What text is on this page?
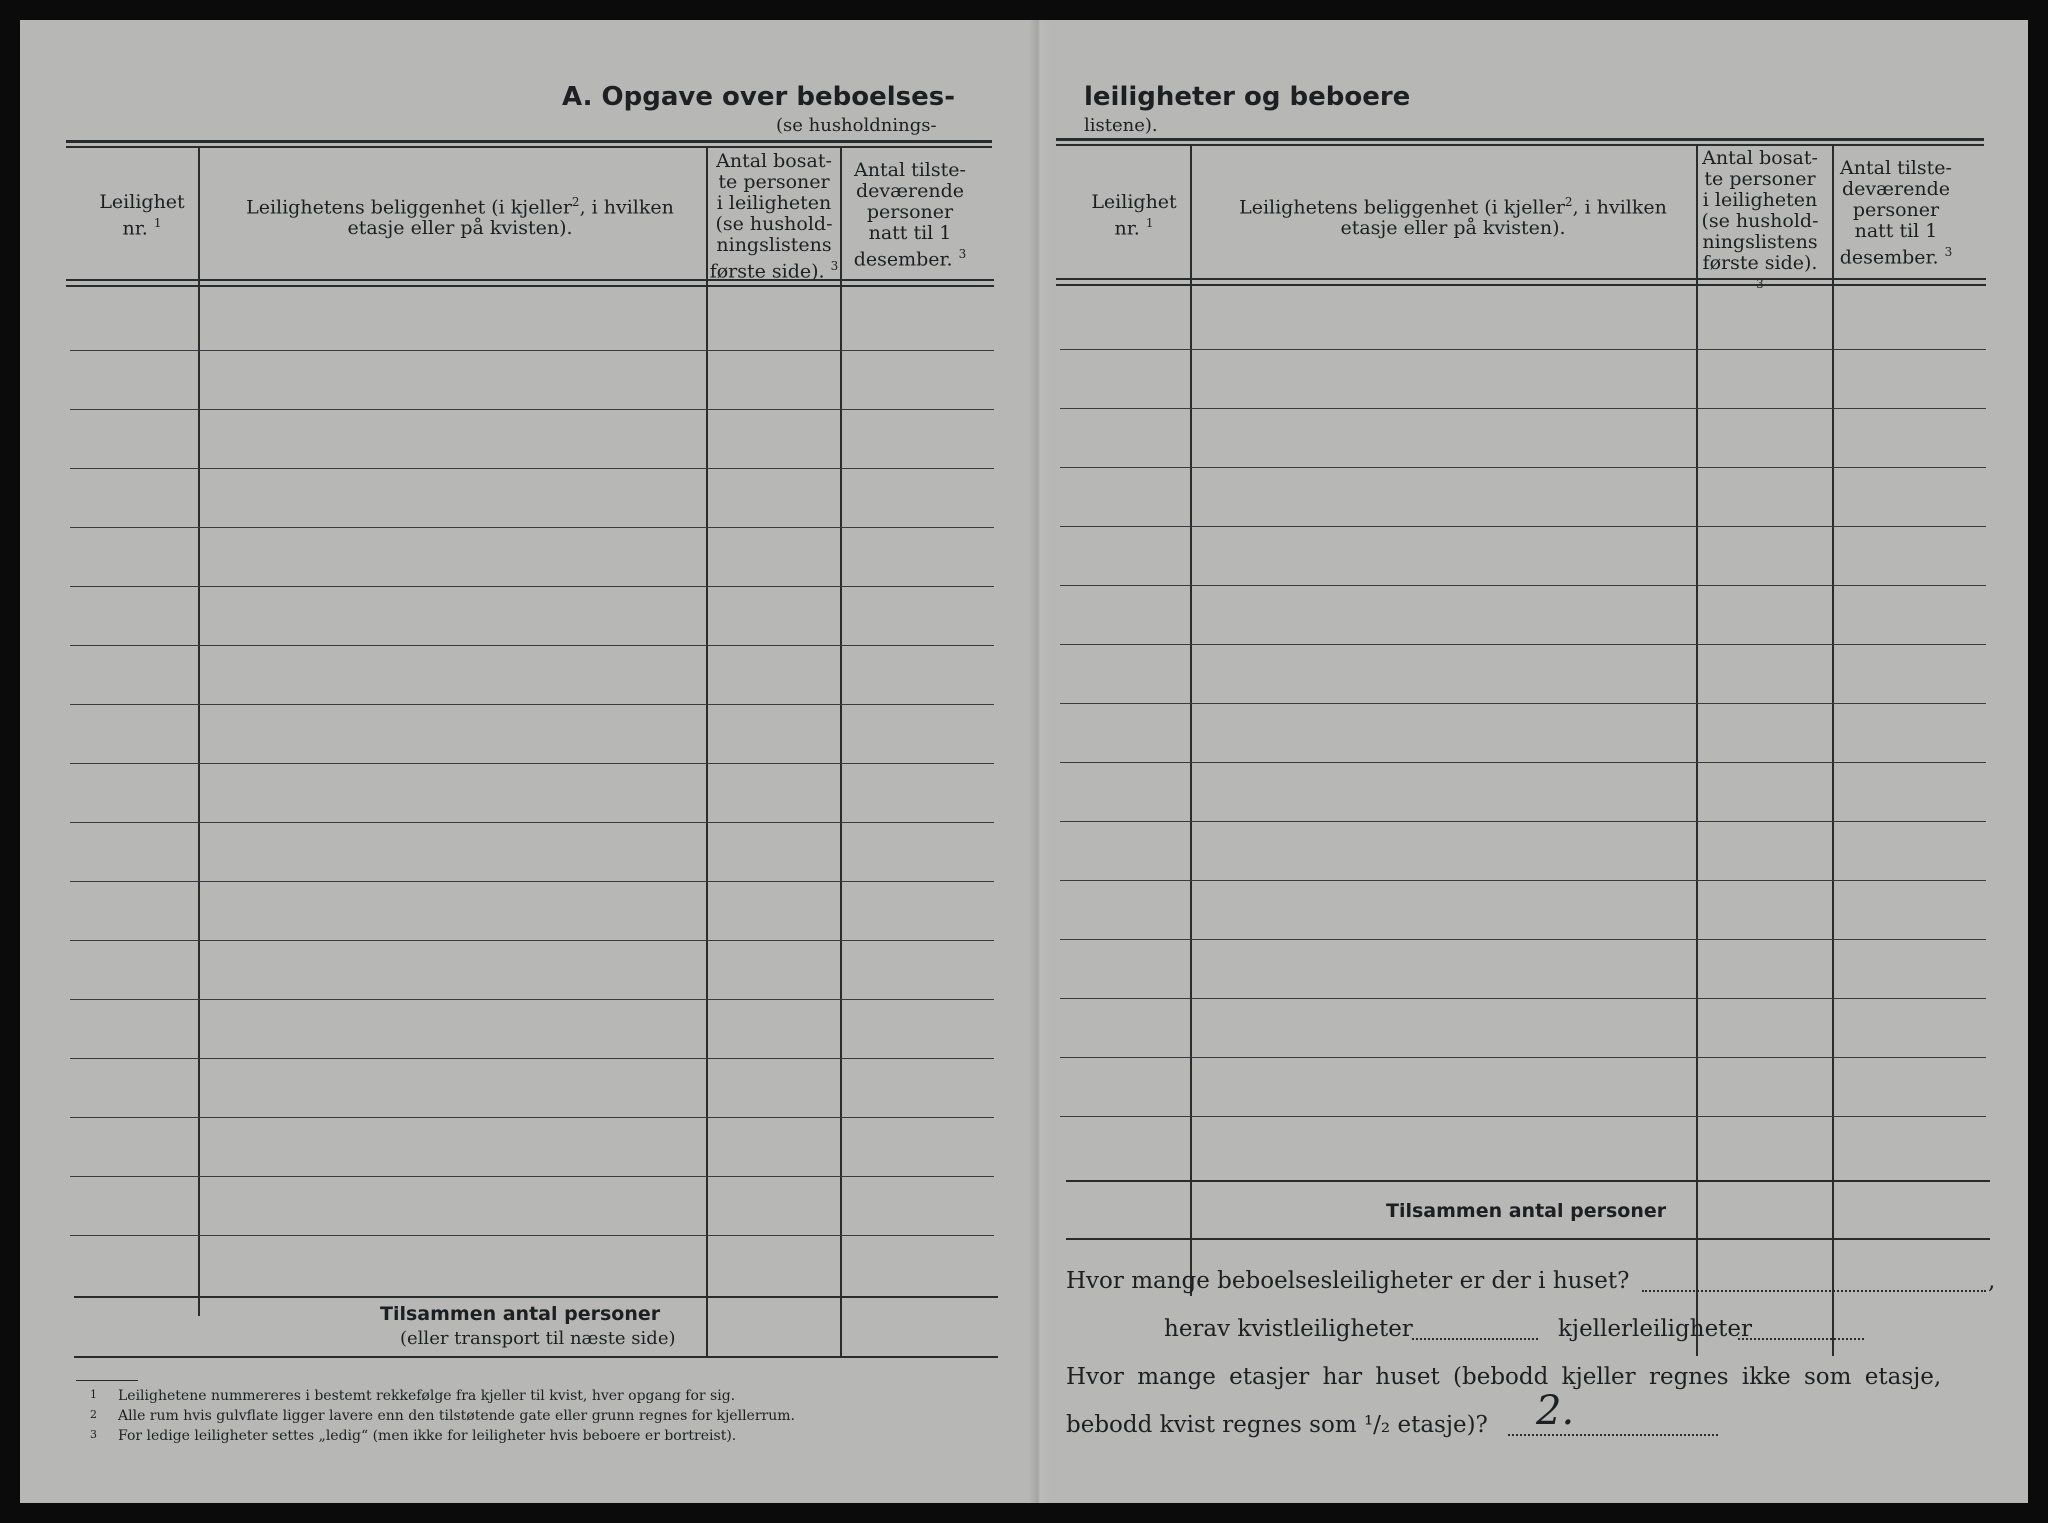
A. Opgave over beboelses-
(se husholdnings-
Leilighet
nr. $^1$
Leilighetens beliggenhet (i kjeller$^2$, i hvilken
etasje eller på kvisten).
Antal bosat-
te personer
i leiligheten
(se hushold-
ningslistens
første side). $^3$
Antal tilste-
deværende
personer
natt til 1
desember. $^3$
Tilsammen antal personer
(eller transport til næste side)
1 Leilighetene nummereres i bestemt rekkefølge fra kjeller til kvist, hver opgang for sig.
2 Alle rum hvis gulvflate ligger lavere enn den tilstøtende gate eller grunn regnes for kjellerrum.
3 For ledige leiligheter settes „ledig“ (men ikke for leiligheter hvis beboere er bortreist).
leiligheter og beboere
listene).
Leilighet
nr. $^1$
Leilighetens beliggenhet (i kjeller$^2$, i hvilken
etasje eller på kvisten).
Antal bosat-
te personer
i leiligheten
(se hushold-
ningslistens
første side). $^3$
Antal tilste-
deværende
personer
natt til 1
desember. $^3$
Tilsammen antal personer
Hvor mange beboelsesleiligheter er der i huset?	,
herav kvistleiligheter	kjellerleiligheter
Hvor mange etasjer har huset (bebodd kjeller regnes ikke som etasje,
bebodd kvist regnes som ¹/₂ etasje)? 2.
